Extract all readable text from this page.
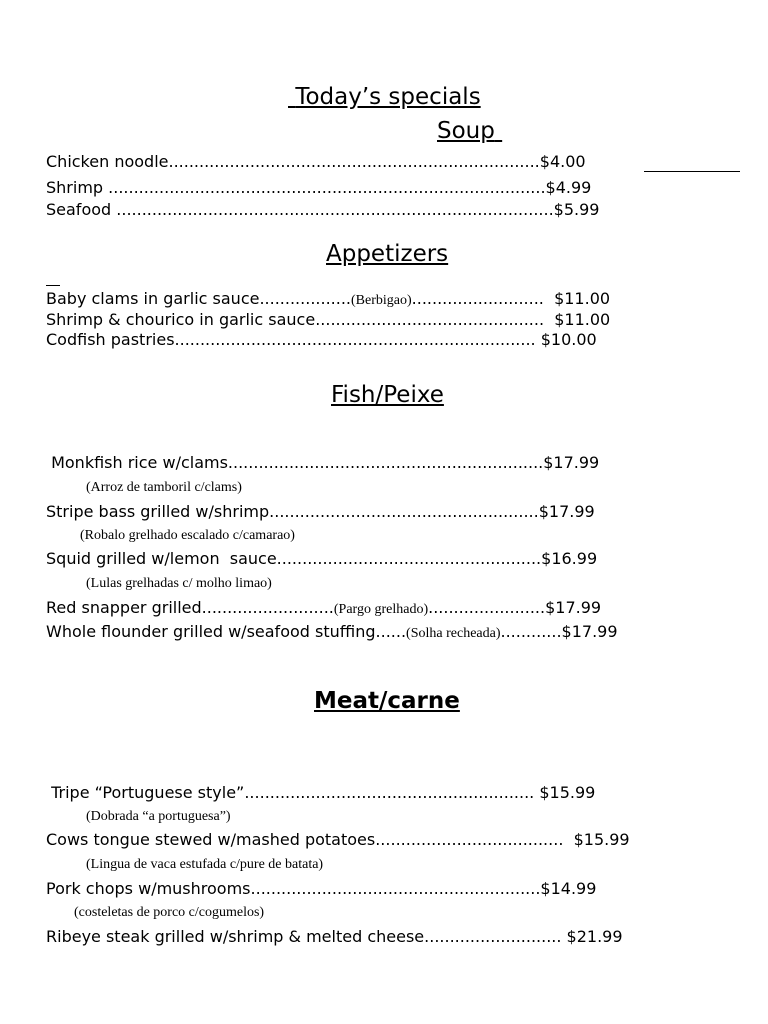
Today’s specials
Soup
Chicken noodle.........................................................................$4.00
Shrimp ......................................................................................$4.99
Seafood ......................................................................................$5.99
Appetizers
Baby clams in garlic sauce..................(Berbigao)..........................  $11.00
Shrimp & chourico in garlic sauce.............................................  $11.00
Codfish pastries....................................................................... $10.00
Fish/Peixe
Monkfish rice w/clams..............................................................$17.99
(Arroz de tamboril c/clams)
Stripe bass grilled w/shrimp.....................................................$17.99
(Robalo grelhado escalado c/camarao)
Squid grilled w/lemon  sauce....................................................$16.99
(Lulas grelhadas c/ molho limao)
Red snapper grilled..........................(Pargo grelhado).......................$17.99
Whole flounder grilled w/seafood stuffing......(Solha recheada)............$17.99
Meat/carne
Tripe “Portuguese style”......................................................... $15.99
(Dobrada “a portuguesa”)
Cows tongue stewed w/mashed potatoes.....................................  $15.99
(Lingua de vaca estufada c/pure de batata)
Pork chops w/mushrooms.........................................................$14.99
(costeletas de porco c/cogumelos)
Ribeye steak grilled w/shrimp & melted cheese........................... $21.99
